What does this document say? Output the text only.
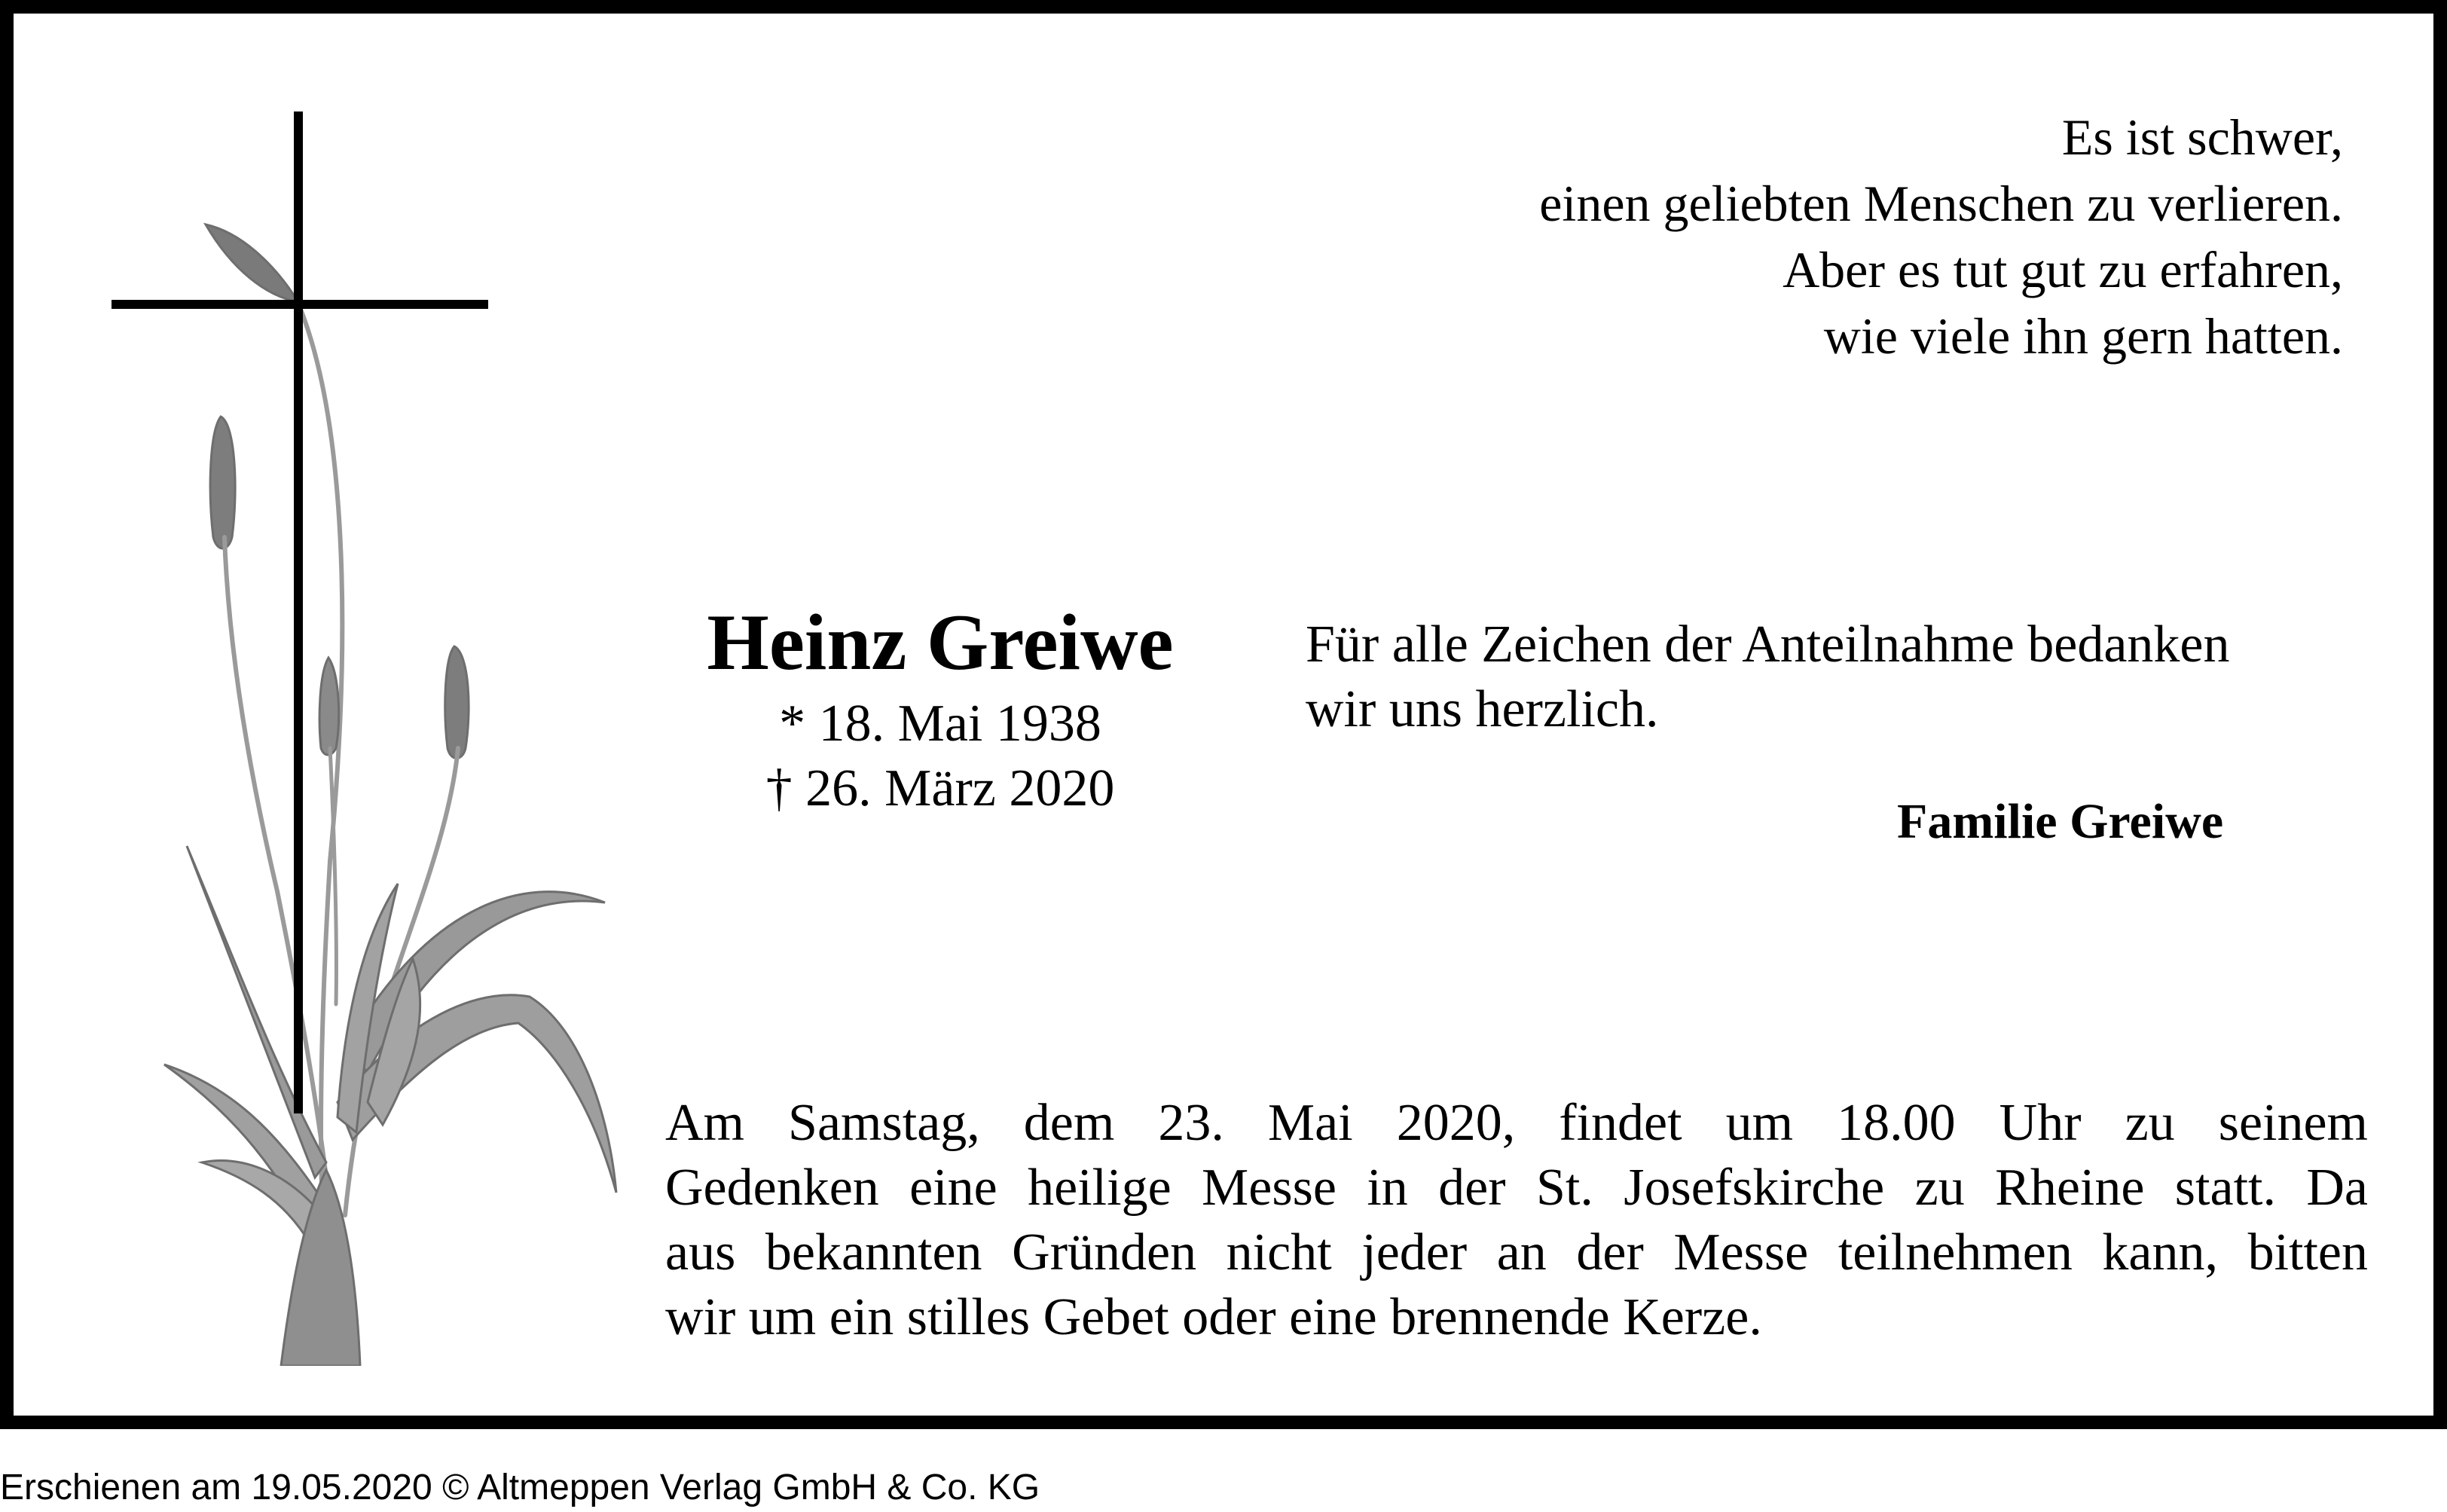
Es ist schwer,
einen geliebten Menschen zu verlieren.
Aber es tut gut zu erfahren,
wie viele ihn gern hatten.
Heinz Greiwe
* 18. Mai 1938
† 26. März 2020
Für alle Zeichen der Anteilnahme bedanken
wir uns herzlich.
Familie Greiwe
Am Samstag, dem 23. Mai 2020, findet um 18.00 Uhr zu seinem
Gedenken eine heilige Messe in der St. Josefskirche zu Rheine statt. Da
aus bekannten Gründen nicht jeder an der Messe teilnehmen kann, bitten
wir um ein stilles Gebet oder eine brennende Kerze.
Erschienen am 19.05.2020 © Altmeppen Verlag GmbH & Co. KG
